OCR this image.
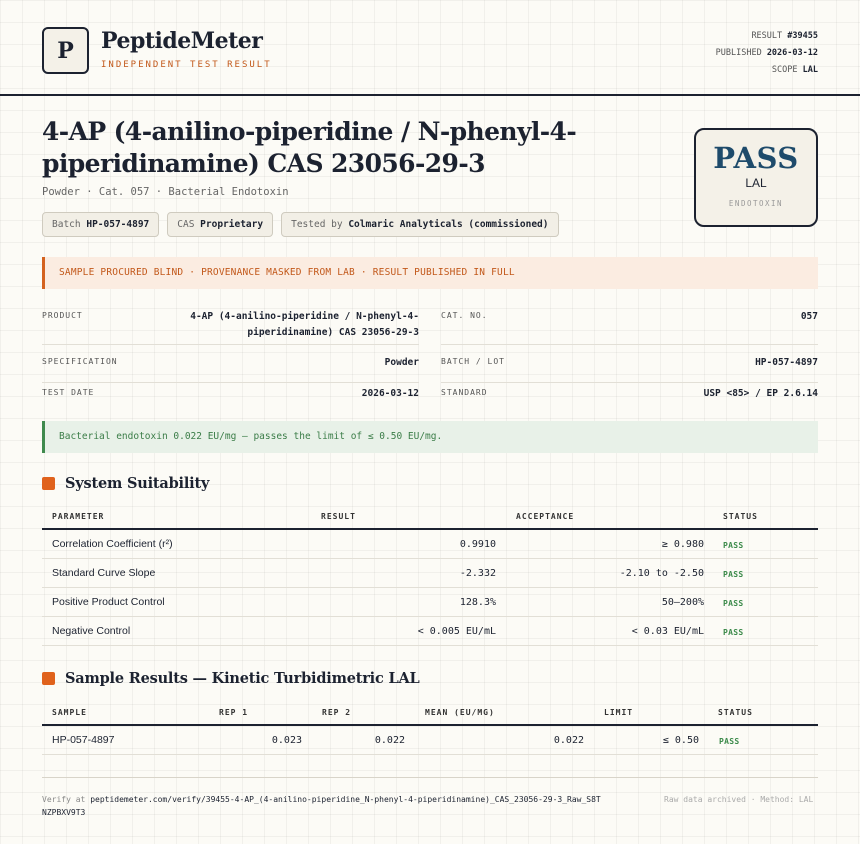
P	PeptideMeter
INDEPENDENT TEST RESULT
RESULT #39455
PUBLISHED 2026-03-12
SCOPE LAL
4-AP (4-anilino-piperidine / N-phenyl-4-piperidinamine) CAS 23056-29-3
Powder · Cat. 057 · Bacterial Endotoxin
Batch HP-057-4897	CAS Proprietary	Tested by Colmaric Analyticals (commissioned)
PASS
LAL
ENDOTOXIN
SAMPLE PROCURED BLIND · PROVENANCE MASKED FROM LAB · RESULT PUBLISHED IN FULL
PRODUCT	4-AP (4-anilino-piperidine / N-phenyl-4-
piperidinamine) CAS 23056-29-3
CAT. NO.	057
SPECIFICATION	Powder	BATCH / LOT	HP-057-4897
TEST DATE	2026-03-12	STANDARD	USP <85> / EP 2.6.14
Bacterial endotoxin 0.022 EU/mg — passes the limit of ≤ 0.50 EU/mg.
System Suitability
PARAMETER	RESULT	ACCEPTANCE	STATUS
Correlation Coefficient (r²)	0.9910	≥ 0.980 PASS
Standard Curve Slope	-2.332	-2.10 to -2.50 PASS
Positive Product Control	128.3%	50–200% PASS
Negative Control	< 0.005 EU/mL	< 0.03 EU/mL PASS
Sample Results — Kinetic Turbidimetric LAL
SAMPLE	REP 1	REP 2	MEAN (EU/MG)	LIMIT	STATUS
HP-057-4897	0.023	0.022	0.022	≤ 0.50	PASS
Verify at peptidemeter.com/verify/39455-4-AP_(4-anilino-piperidine_N-phenyl-4-piperidinamine)_CAS_23056-29-3_Raw_S8TNZPBXV9T3
Raw data archived · Method: LAL
